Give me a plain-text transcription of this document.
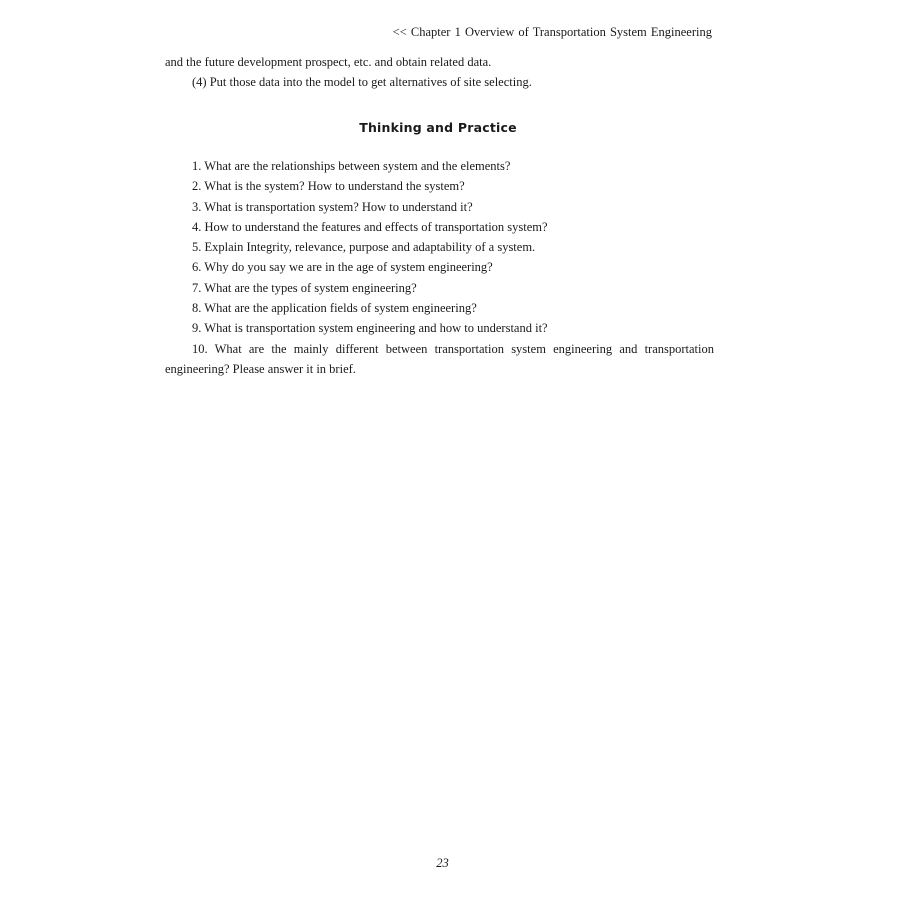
<< Chapter 1 Overview of Transportation System Engineering

and the future development prospect, etc. and obtain related data.

(4) Put those data into the model to get alternatives of site selecting.

Thinking and Practice

1. What are the relationships between system and the elements?

2. What is the system? How to understand the system?

3. What is transportation system? How to understand it?

4. How to understand the features and effects of transportation system?

5. Explain Integrity, relevance, purpose and adaptability of a system.

6. Why do you say we are in the age of system engineering?

7. What are the types of system engineering?

8. What are the application fields of system engineering?

9. What is transportation system engineering and how to understand it?

10. What are the mainly different between transportation system engineering and transportation engineering? Please answer it in brief.

23
